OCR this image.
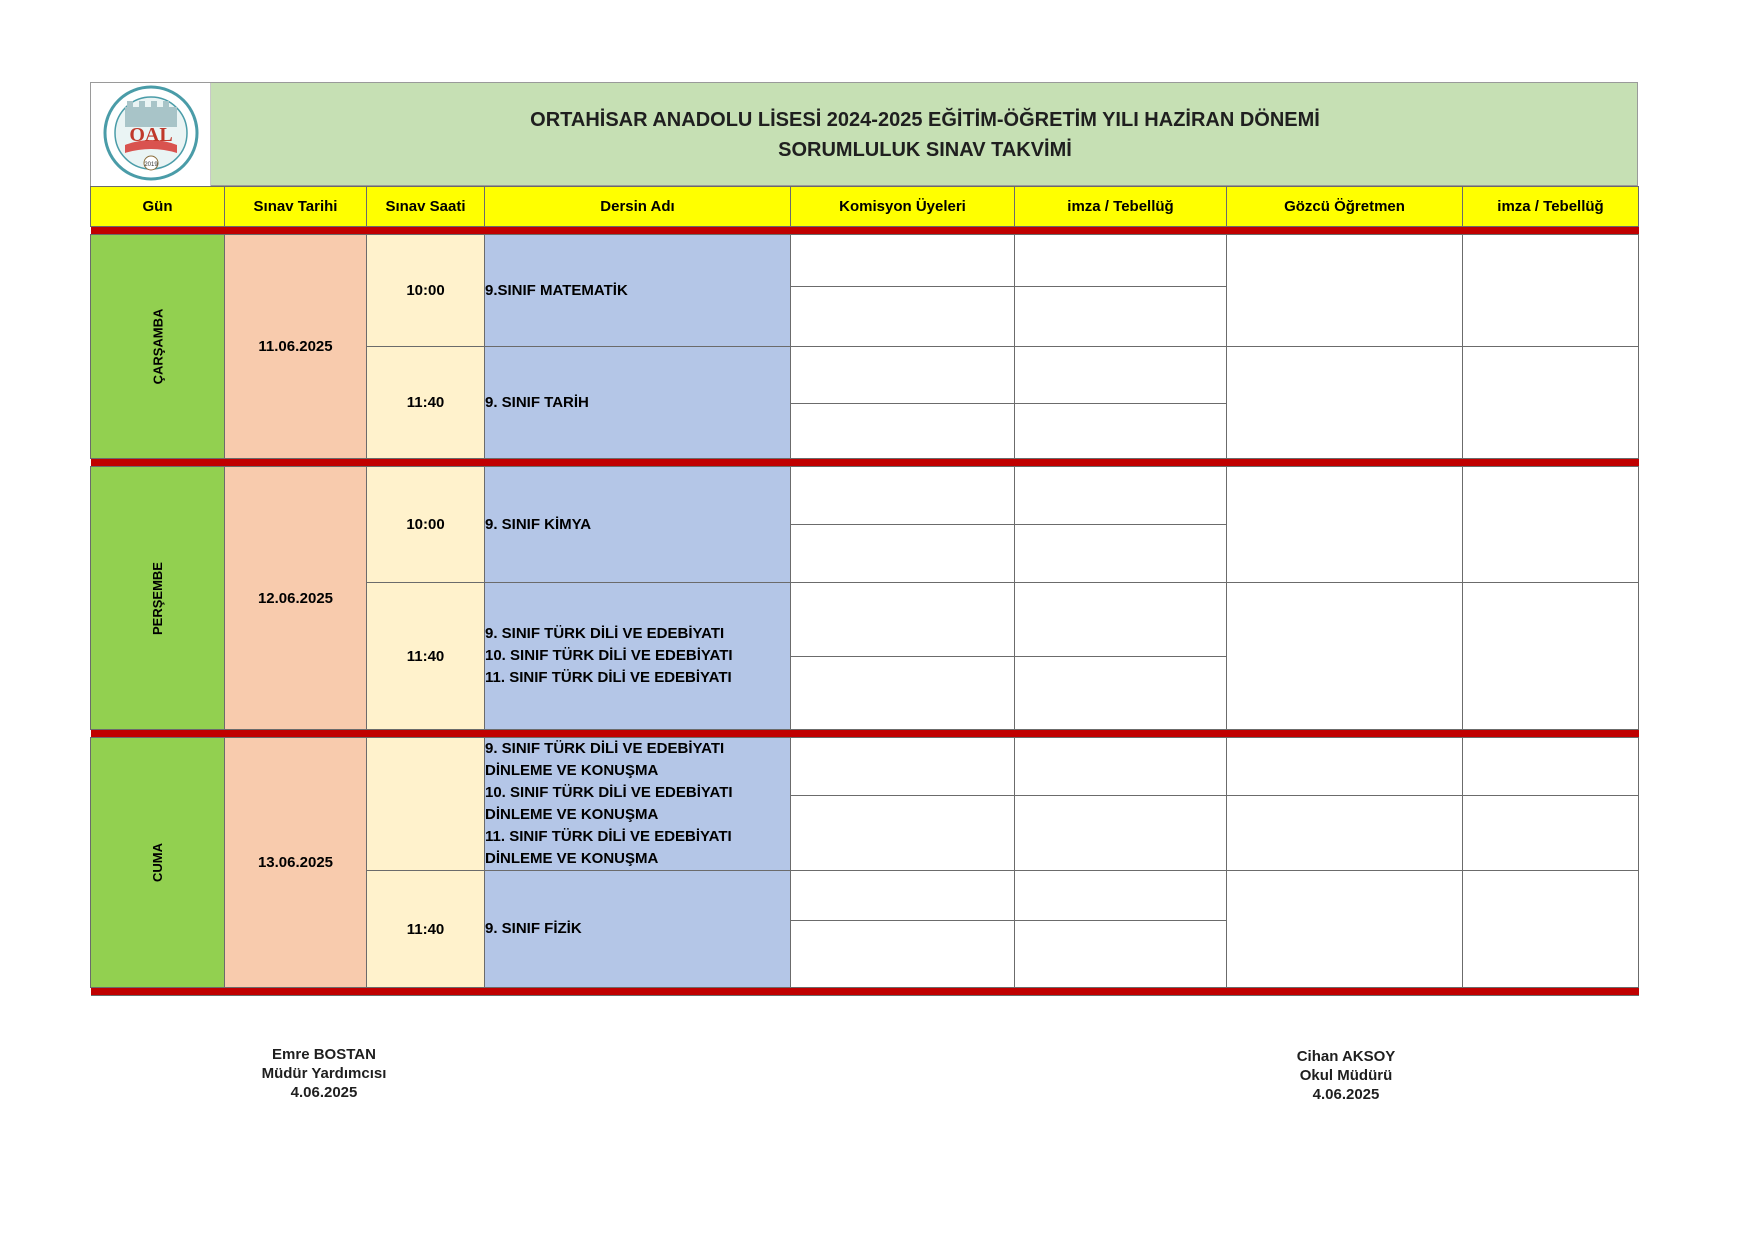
OAL
2019
ORTAHİSAR ANADOLU LİSESİ 2024-2025 EĞİTİM-ÖĞRETİM YILI HAZİRAN DÖNEMİ
SORUMLULUK SINAV TAKVİMİ
Gün	Sınav Tarihi	Sınav Saati	Dersin Adı	Komisyon Üyeleri	imza / Tebellüğ	Gözcü Öğretmen	imza / Tebellüğ

ÇARŞAMBA	11.06.2025	10:00	9.SINIF MATEMATİK				

		11:40	9. SINIF TARİH				

PERŞEMBE	12.06.2025	10:00	9. SINIF KİMYA				

		11:40	9. SINIF TÜRK DİLİ VE EDEBİYATI
10. SINIF TÜRK DİLİ VE EDEBİYATI
11. SINIF TÜRK DİLİ VE EDEBİYATI				

CUMA	13.06.2025		9. SINIF TÜRK DİLİ VE EDEBİYATI DİNLEME VE KONUŞMA
10. SINIF TÜRK DİLİ VE EDEBİYATI DİNLEME VE KONUŞMA
11. SINIF TÜRK DİLİ VE EDEBİYATI DİNLEME VE KONUŞMA				

		11:40	9. SINIF FİZİK				

Emre BOSTAN
Müdür Yardımcısı
4.06.2025
Cihan AKSOY
Okul Müdürü
4.06.2025
